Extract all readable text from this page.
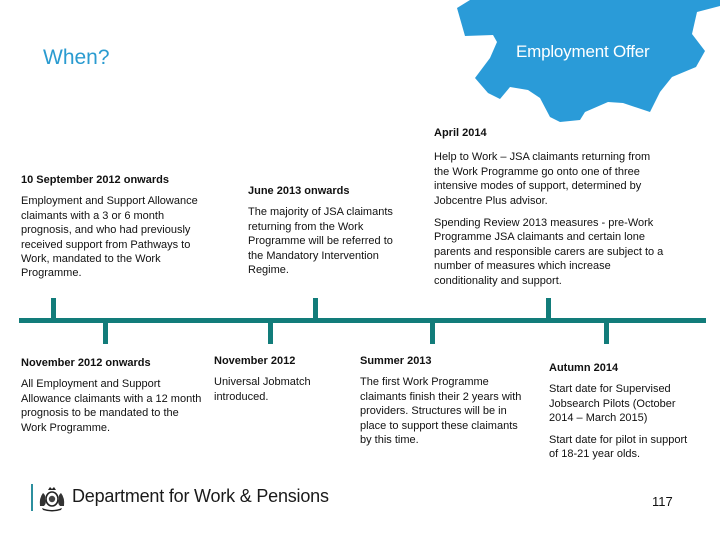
When?	Employment Offer
10 September 2012 onwards
Employment and Support Allowance claimants with a 3 or 6 month prognosis, and who had previously received support from Pathways to Work, mandated to the Work Programme.
June 2013 onwards
The majority of JSA claimants returning from the Work Programme will be referred to the Mandatory Intervention Regime.
April 2014
Help to Work – JSA claimants returning from the Work Programme go onto one of three intensive modes of support, determined by Jobcentre Plus advisor.
Spending Review 2013 measures - pre-Work Programme JSA claimants and certain lone parents and responsible carers are subject to a number of measures which increase conditionality and support.
November 2012 onwards
All Employment and Support Allowance claimants with a 12 month prognosis to be mandated to the Work Programme.
November 2012
Universal Jobmatch introduced.
Summer 2013
The first Work Programme claimants finish their 2 years with providers. Structures will be in place to support these claimants by this time.
Autumn 2014
Start date for Supervised Jobsearch Pilots (October 2014 – March 2015)
Start date for pilot in support of 18-21 year olds.
Department for Work & Pensions	117
